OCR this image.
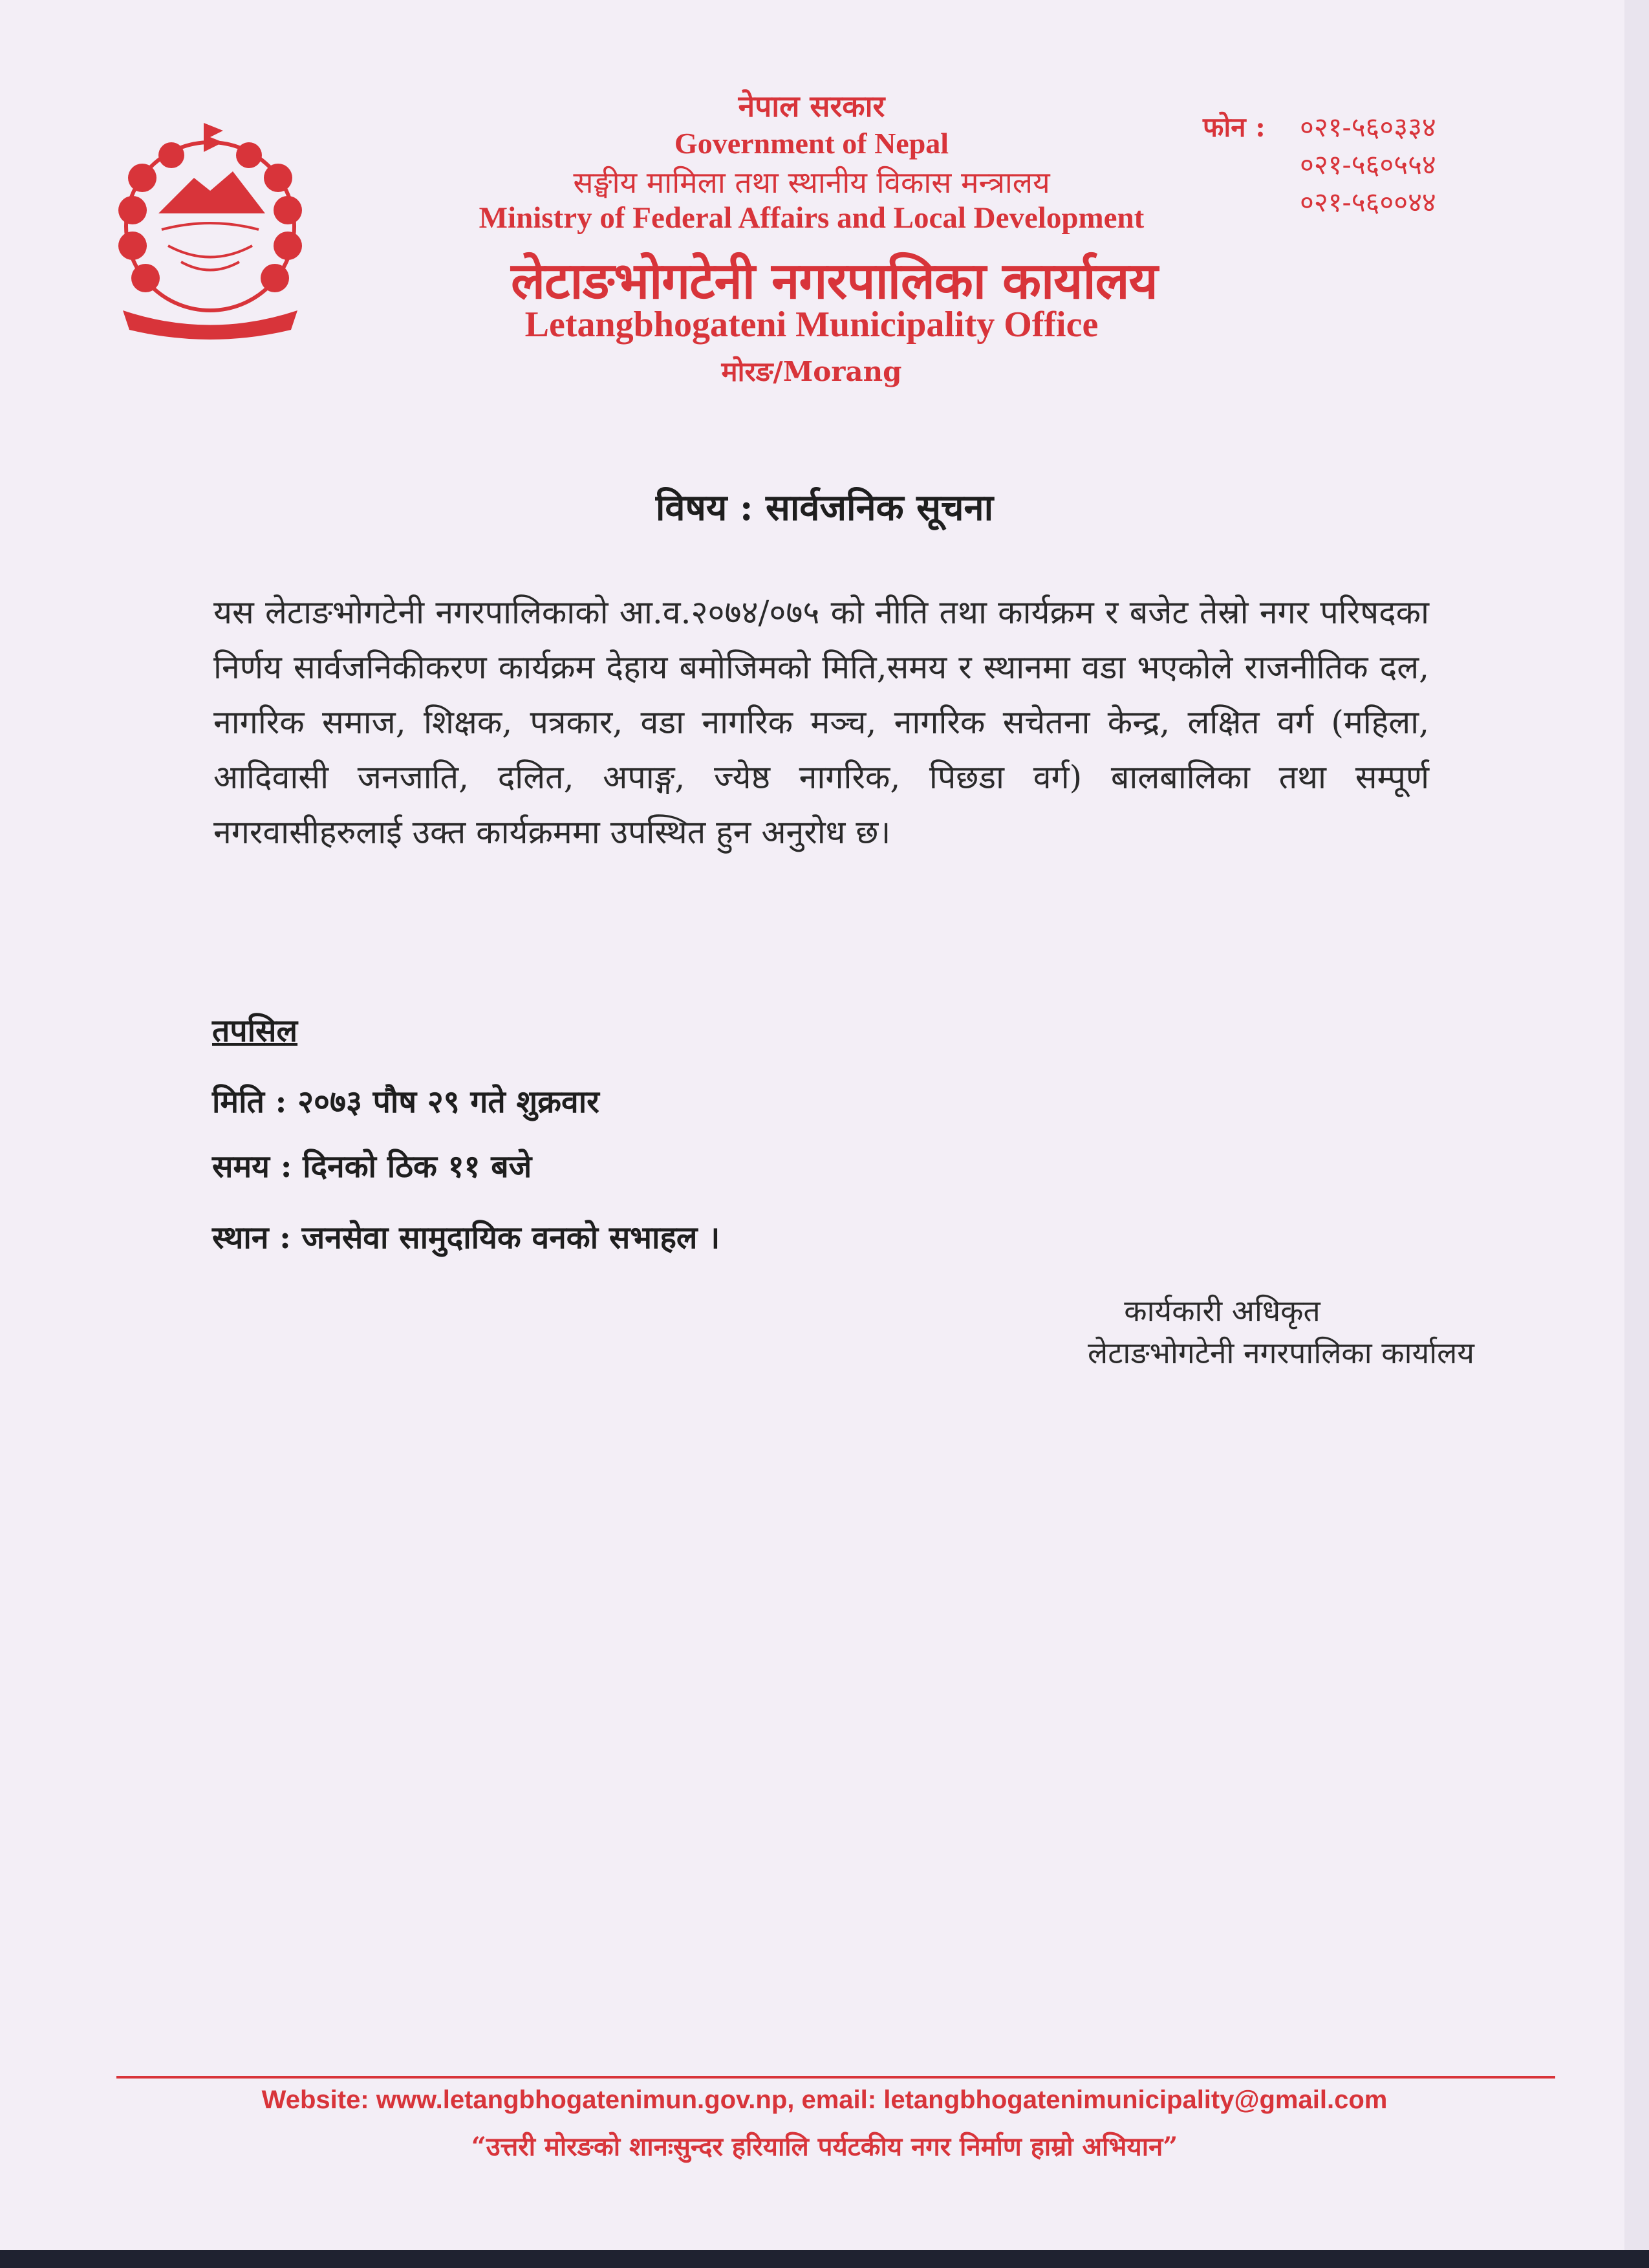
नेपाल सरकार
Government of Nepal
सङ्घीय मामिला तथा स्थानीय विकास मन्त्रालय
Ministry of Federal Affairs and Local Development
लेटाङभोगटेनी नगरपालिका कार्यालय
Letangbhogateni Municipality Office
मोरङ/Morang
फोन : ०२१-५६०३३४
०२१-५६०५५४
०२१-५६००४४
विषय : सार्वजनिक सूचना
यस लेटाङभोगटेनी नगरपालिकाको आ.व.२०७४/०७५ को नीति तथा कार्यक्रम र बजेट तेस्रो नगर परिषदका निर्णय सार्वजनिकीकरण कार्यक्रम देहाय बमोजिमको मिति,समय र स्थानमा वडा भएकोले राजनीतिक दल, नागरिक समाज, शिक्षक, पत्रकार, वडा नागरिक मञ्च, नागरिक सचेतना केन्द्र, लक्षित वर्ग (महिला, आदिवासी जनजाति, दलित, अपाङ्ग, ज्येष्ठ नागरिक, पिछडा वर्ग) बालबालिका तथा सम्पूर्ण नगरवासीहरुलाई उक्त कार्यक्रममा उपस्थित हुन अनुरोध छ।
तपसिल
मिति : २०७३ पौष २९ गते शुक्रवार
समय : दिनको ठिक ११ बजे
स्थान : जनसेवा सामुदायिक वनको सभाहल ।
कार्यकारी अधिकृत
लेटाङभोगटेनी नगरपालिका कार्यालय
Website: www.letangbhogatenimun.gov.np, email: letangbhogatenimunicipality@gmail.com
“उत्तरी मोरङको शानःसुन्दर हरियालि पर्यटकीय नगर निर्माण हाम्रो अभियान”
